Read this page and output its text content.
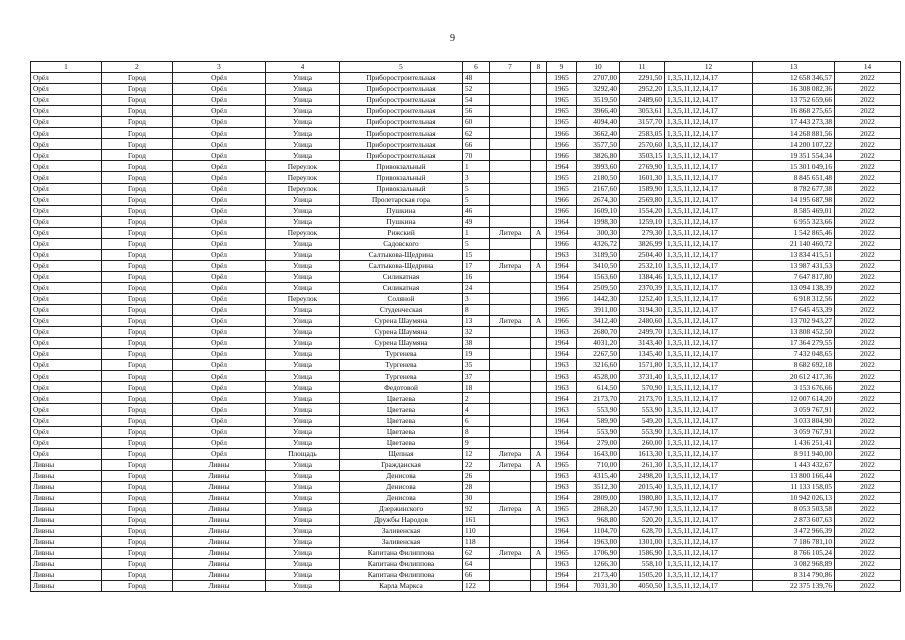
9
1	2	3	4	5	6	7	8	9	10	11	12	13	14
Орёл	Город	Орёл	Улица	Приборостроительная	48			1965	2707,00	2291,50	1,3,5,11,12,14,17	12 658 346,57	2022
Орёл	Город	Орёл	Улица	Приборостроительная	52			1965	3292,40	2952,20	1,3,5,11,12,14,17	16 308 082,36	2022
Орёл	Город	Орёл	Улица	Приборостроительная	54			1965	3519,50	2489,60	1,3,5,11,12,14,17	13 752 659,66	2022
Орёл	Город	Орёл	Улица	Приборостроительная	56			1965	3966,40	3053,61	1,3,5,11,12,14,17	16 868 275,65	2022
Орёл	Город	Орёл	Улица	Приборостроительная	60			1965	4094,40	3157,70	1,3,5,11,12,14,17	17 443 273,38	2022
Орёл	Город	Орёл	Улица	Приборостроительная	62			1966	3662,40	2583,05	1,3,5,11,12,14,17	14 268 881,56	2022
Орёл	Город	Орёл	Улица	Приборостроительная	66			1966	3577,50	2570,60	1,3,5,11,12,14,17	14 200 107,22	2022
Орёл	Город	Орёл	Улица	Приборостроительная	70			1966	3826,80	3503,15	1,3,5,11,12,14,17	19 351 554,34	2022
Орёл	Город	Орёл	Переулок	Привокзальный	1			1964	3993,60	2769,90	1,3,5,11,12,14,17	15 301 049,16	2022
Орёл	Город	Орёл	Переулок	Привокзальный	3			1965	2180,50	1601,30	1,3,5,11,12,14,17	8 845 651,48	2022
Орёл	Город	Орёл	Переулок	Привокзальный	5			1965	2167,60	1589,90	1,3,5,11,12,14,17	8 782 677,38	2022
Орёл	Город	Орёл	Улица	Пролетарская гора	5			1966	2674,30	2569,80	1,3,5,11,12,14,17	14 195 687,98	2022
Орёл	Город	Орёл	Улица	Пушкина	46			1966	1609,10	1554,20	1,3,5,11,12,14,17	8 585 469,01	2022
Орёл	Город	Орёл	Улица	Пушкина	49			1964	1998,30	1259,10	1,3,5,11,12,14,17	6 955 323,66	2022
Орёл	Город	Орёл	Переулок	Рижский	1	Литера	А	1964	300,30	279,30	1,3,5,11,12,14,17	1 542 865,46	2022
Орёл	Город	Орёл	Улица	Садовского	5			1966	4326,72	3826,99	1,3,5,11,12,14,17	21 140 460,72	2022
Орёл	Город	Орёл	Улица	Салтыкова-Щедрина	15			1963	3189,50	2504,40	1,3,5,11,12,14,17	13 834 415,51	2022
Орёл	Город	Орёл	Улица	Салтыкова-Щедрина	17	Литера	А	1964	3410,50	2532,10	1,3,5,11,12,14,17	13 987 431,53	2022
Орёл	Город	Орёл	Улица	Силикатная	16			1964	1563,60	1384,46	1,3,5,11,12,14,17	7 647 817,80	2022
Орёл	Город	Орёл	Улица	Силикатная	24			1964	2509,50	2370,39	1,3,5,11,12,14,17	13 094 138,39	2022
Орёл	Город	Орёл	Переулок	Соляной	3			1966	1442,30	1252,40	1,3,5,11,12,14,17	6 918 312,56	2022
Орёл	Город	Орёл	Улица	Студенческая	8			1965	3911,00	3194,30	1,3,5,11,12,14,17	17 645 453,39	2022
Орёл	Город	Орёл	Улица	Сурена Шаумяна	13	Литера	А	1966	3412,40	2480,60	1,3,5,11,12,14,17	13 702 943,27	2022
Орёл	Город	Орёл	Улица	Сурена Шаумяна	32			1963	2680,70	2499,70	1,3,5,11,12,14,17	13 808 452,50	2022
Орёл	Город	Орёл	Улица	Сурена Шаумяна	38			1964	4031,20	3143,40	1,3,5,11,12,14,17	17 364 279,55	2022
Орёл	Город	Орёл	Улица	Тургенева	19			1964	2267,50	1345,40	1,3,5,11,12,14,17	7 432 048,65	2022
Орёл	Город	Орёл	Улица	Тургенева	35			1963	3216,60	1571,80	1,3,5,11,12,14,17	8 682 692,18	2022
Орёл	Город	Орёл	Улица	Тургенева	37			1963	4528,00	3731,40	1,3,5,11,12,14,17	20 612 417,36	2022
Орёл	Город	Орёл	Улица	Федотовой	18			1963	614,50	570,90	1,3,5,11,12,14,17	3 153 676,66	2022
Орёл	Город	Орёл	Улица	Цветаева	2			1964	2173,70	2173,70	1,3,5,11,12,14,17	12 007 614,20	2022
Орёл	Город	Орёл	Улица	Цветаева	4			1963	553,90	553,90	1,3,5,11,12,14,17	3 059 767,91	2022
Орёл	Город	Орёл	Улица	Цветаева	6			1964	589,90	549,20	1,3,5,11,12,14,17	3 033 804,90	2022
Орёл	Город	Орёл	Улица	Цветаева	8			1964	553,90	553,90	1,3,5,11,12,14,17	3 059 767,91	2022
Орёл	Город	Орёл	Улица	Цветаева	9			1964	279,00	260,00	1,3,5,11,12,14,17	1 436 251,41	2022
Орёл	Город	Орёл	Площадь	Щепная	12	Литера	А	1964	1643,00	1613,30	1,3,5,11,12,14,17	8 911 940,00	2022
Ливны	Город	Ливны	Улица	Гражданская	22	Литера	А	1965	710,00	261,30	1,3,5,11,12,14,17	1 443 432,67	2022
Ливны	Город	Ливны	Улица	Денисова	26			1963	4315,40	2498,20	1,3,5,11,12,14,17	13 800 166,44	2022
Ливны	Город	Ливны	Улица	Денисова	28			1963	3512,30	2015,40	1,3,5,11,12,14,17	11 133 158,05	2022
Ливны	Город	Ливны	Улица	Денисова	30			1964	2809,00	1980,80	1,3,5,11,12,14,17	10 942 026,13	2022
Ливны	Город	Ливны	Улица	Дзержинского	92	Литера	А	1965	2868,20	1457,90	1,3,5,11,12,14,17	8 053 503,58	2022
Ливны	Город	Ливны	Улица	Дружбы Народов	161			1963	968,80	520,20	1,3,5,11,12,14,17	2 873 607,63	2022
Ливны	Город	Ливны	Улица	Заливенская	110			1964	1104,70	628,70	1,3,5,11,12,14,17	3 472 966,39	2022
Ливны	Город	Ливны	Улица	Заливенская	118			1964	1963,00	1301,00	1,3,5,11,12,14,17	7 186 781,10	2022
Ливны	Город	Ливны	Улица	Капитана Филиппова	62	Литера	А	1965	1706,90	1586,90	1,3,5,11,12,14,17	8 766 105,24	2022
Ливны	Город	Ливны	Улица	Капитана Филиппова	64			1963	1266,30	558,10	1,3,5,11,12,14,17	3 082 968,89	2022
Ливны	Город	Ливны	Улица	Капитана Филиппова	66			1964	2173,40	1505,20	1,3,5,11,12,14,17	8 314 790,86	2022
Ливны	Город	Ливны	Улица	Карла Маркса	122			1964	7031,30	4050,50	1,3,5,11,12,14,17	22 375 139,76	2022
